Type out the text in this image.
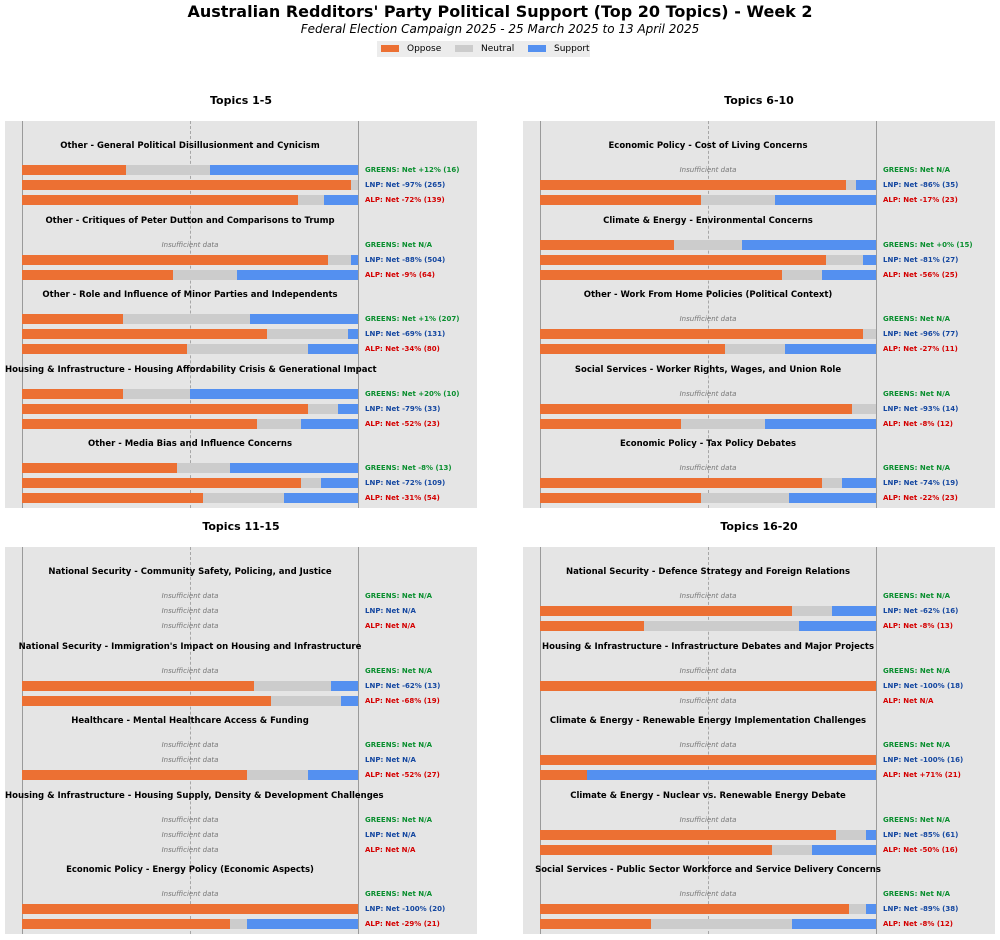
Australian Redditors' Party Political Support (Top 20 Topics) - Week 2
Federal Election Campaign 2025 - 25 March 2025 to 13 April 2025
Oppose	Neutral	Support
Topics 1-5
Other - General Political Disillusionment and Cynicism
GREENS: Net +12% (16)
LNP: Net -97% (265)
ALP: Net -72% (139)
Other - Critiques of Peter Dutton and Comparisons to Trump
Insufficient data	GREENS: Net N/A
LNP: Net -88% (504)
ALP: Net -9% (64)
Other - Role and Influence of Minor Parties and Independents
GREENS: Net +1% (207)
LNP: Net -69% (131)
ALP: Net -34% (80)
Housing & Infrastructure - Housing Affordability Crisis & Generational Impact
GREENS: Net +20% (10)
LNP: Net -79% (33)
ALP: Net -52% (23)
Other - Media Bias and Influence Concerns
GREENS: Net -8% (13)
LNP: Net -72% (109)
ALP: Net -31% (54)
Topics 6-10
Economic Policy - Cost of Living Concerns
Insufficient data	GREENS: Net N/A
LNP: Net -86% (35)
ALP: Net -17% (23)
Climate & Energy - Environmental Concerns
GREENS: Net +0% (15)
LNP: Net -81% (27)
ALP: Net -56% (25)
Other - Work From Home Policies (Political Context)
Insufficient data	GREENS: Net N/A
LNP: Net -96% (77)
ALP: Net -27% (11)
Social Services - Worker Rights, Wages, and Union Role
Insufficient data	GREENS: Net N/A
LNP: Net -93% (14)
ALP: Net -8% (12)
Economic Policy - Tax Policy Debates
Insufficient data	GREENS: Net N/A
LNP: Net -74% (19)
ALP: Net -22% (23)
Topics 11-15
National Security - Community Safety, Policing, and Justice
Insufficient data	GREENS: Net N/A
Insufficient data	LNP: Net N/A
Insufficient data	ALP: Net N/A
National Security - Immigration's Impact on Housing and Infrastructure
Insufficient data	GREENS: Net N/A
LNP: Net -62% (13)
ALP: Net -68% (19)
Healthcare - Mental Healthcare Access & Funding
Insufficient data	GREENS: Net N/A
Insufficient data	LNP: Net N/A
ALP: Net -52% (27)
Housing & Infrastructure - Housing Supply, Density & Development Challenges
Insufficient data	GREENS: Net N/A
Insufficient data	LNP: Net N/A
Insufficient data	ALP: Net N/A
Economic Policy - Energy Policy (Economic Aspects)
Insufficient data	GREENS: Net N/A
LNP: Net -100% (20)
ALP: Net -29% (21)
Topics 16-20
National Security - Defence Strategy and Foreign Relations
Insufficient data	GREENS: Net N/A
LNP: Net -62% (16)
ALP: Net -8% (13)
Housing & Infrastructure - Infrastructure Debates and Major Projects
Insufficient data	GREENS: Net N/A
LNP: Net -100% (18)
Insufficient data	ALP: Net N/A
Climate & Energy - Renewable Energy Implementation Challenges
Insufficient data	GREENS: Net N/A
LNP: Net -100% (16)
ALP: Net +71% (21)
Climate & Energy - Nuclear vs. Renewable Energy Debate
Insufficient data	GREENS: Net N/A
LNP: Net -85% (61)
ALP: Net -50% (16)
Social Services - Public Sector Workforce and Service Delivery Concerns
Insufficient data	GREENS: Net N/A
LNP: Net -89% (38)
ALP: Net -8% (12)
